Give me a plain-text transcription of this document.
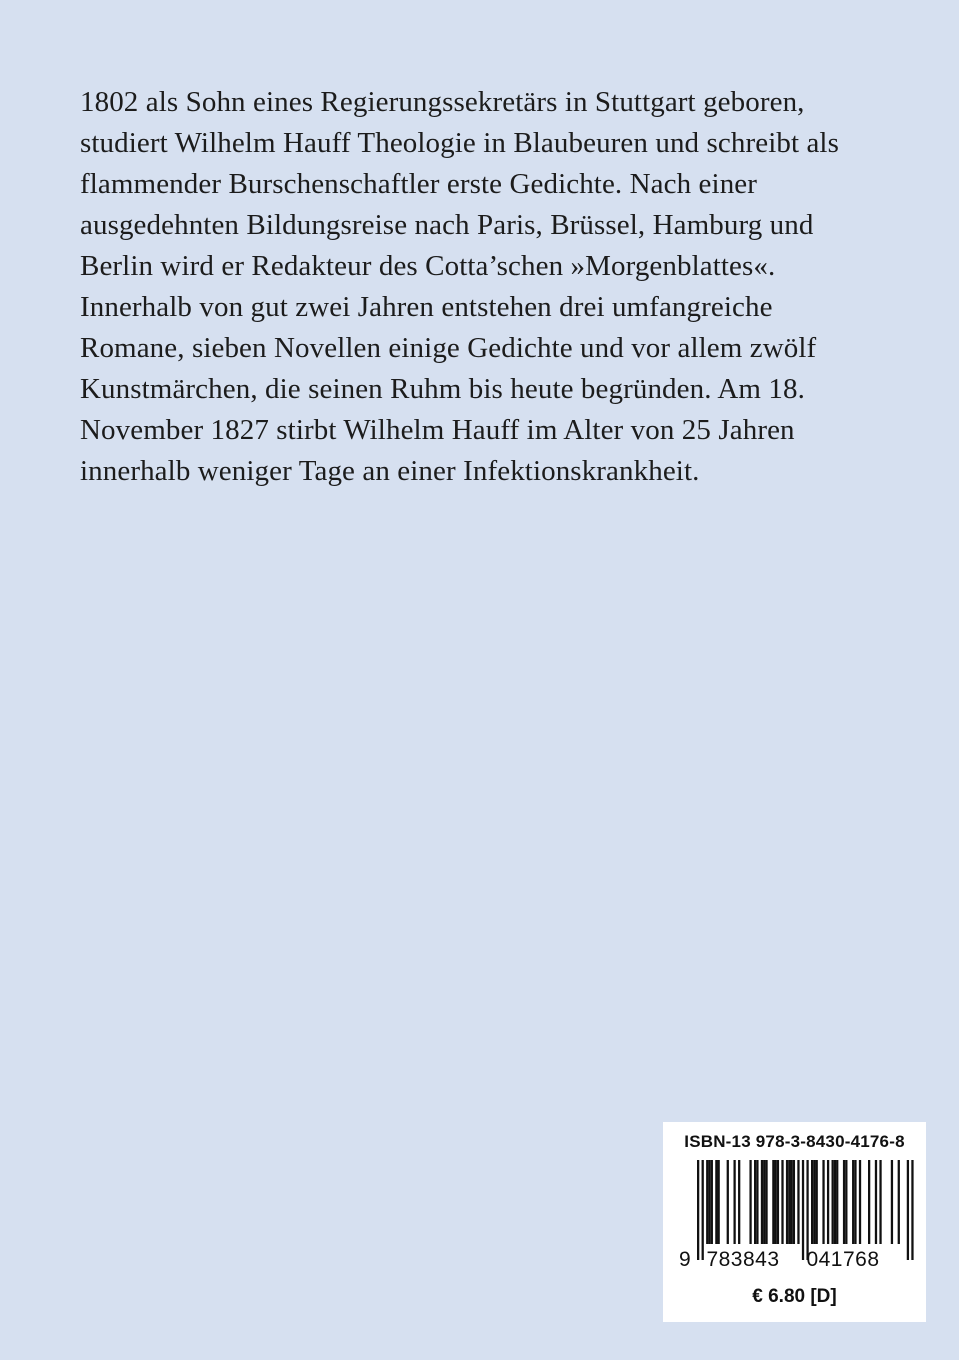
1802 als Sohn eines Regierungssekretärs in Stuttgart geboren,
studiert Wilhelm Hauff Theologie in Blaubeuren und schreibt als
flammender Burschenschaftler erste Gedichte. Nach einer
ausgedehnten Bildungsreise nach Paris, Brüssel, Hamburg und
Berlin wird er Redakteur des Cotta’schen »Morgenblattes«.
Innerhalb von gut zwei Jahren entstehen drei umfangreiche
Romane, sieben Novellen einige Gedichte und vor allem zwölf
Kunstmärchen, die seinen Ruhm bis heute begründen. Am 18.
November 1827 stirbt Wilhelm Hauff im Alter von 25 Jahren
innerhalb weniger Tage an einer Infektionskrankheit.
ISBN-13 978-3-8430-4176-8
9 783843 041768
€ 6.80 [D]
